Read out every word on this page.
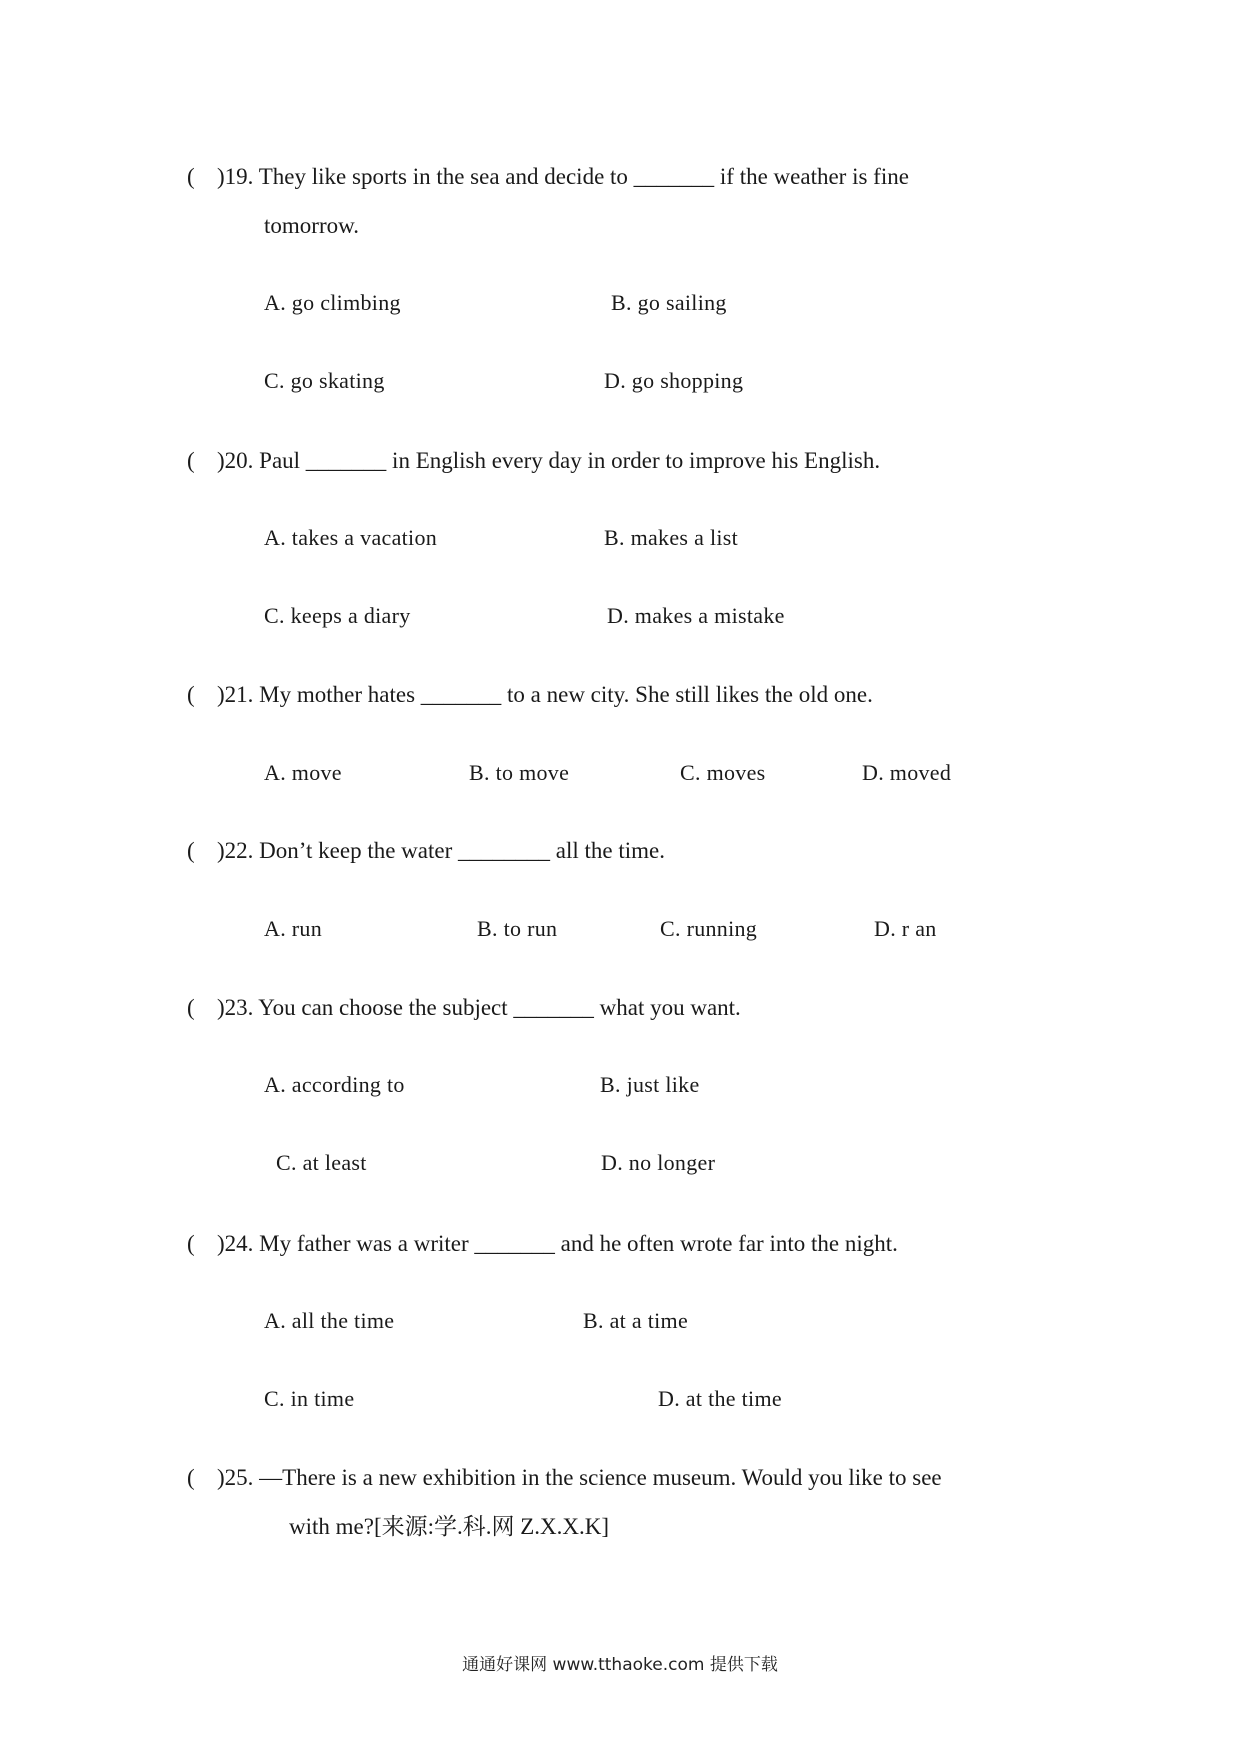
( )19. They like sports in the sea and decide to _______ if the weather is fine
tomorrow.
A. go climbing	B. go sailing
C. go skating	D. go shopping
( )20. Paul _______ in English every day in order to improve his English.
A. takes a vacation	B. makes a list
C. keeps a diary	D. makes a mistake
( )21. My mother hates _______ to a new city. She still likes the old one.
A. move	B. to move	C. moves	D. moved
( )22. Don’t keep the water ________ all the time.
A. run	B. to run	C. running	D. r an
( )23. You can choose the subject _______ what you want.
A. according to	B. just like
C. at least	D. no longer
( )24. My father was a writer _______ and he often wrote far into the night.
A. all the time	B. at a time
C. in time	D. at the time
( )25. —There is a new exhibition in the science museum. Would you like to see
with me?[来源:学.科.网 Z.X.X.K]
通通好课网 www.tthaoke.com 提供下载
